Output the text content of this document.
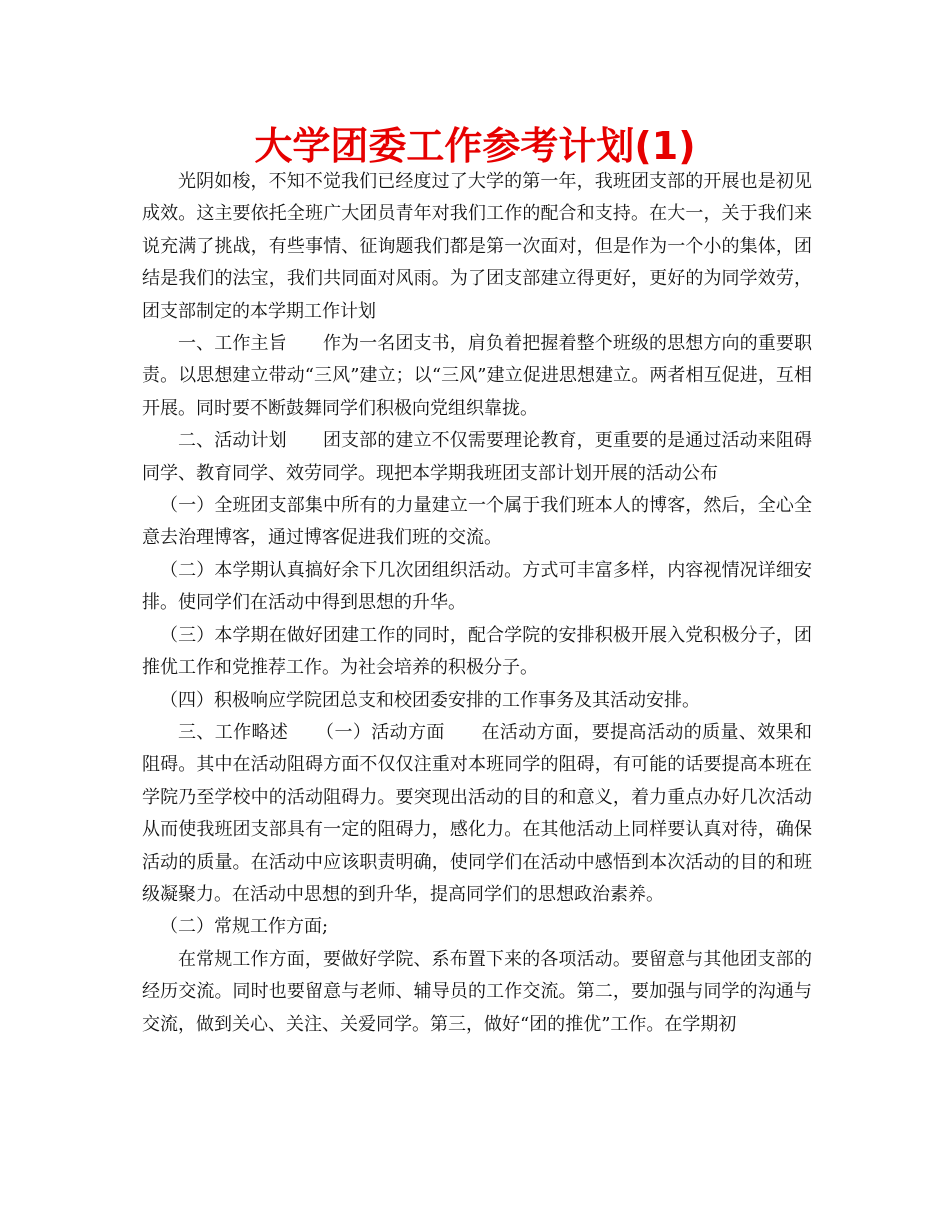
大学团委工作参考计划(1)

光阴如梭，不知不觉我们已经度过了大学的第一年，我班团支部的开展也是初见成效。这主要依托全班广大团员青年对我们工作的配合和支持。在大一，关于我们来说充满了挑战，有些事情、征询题我们都是第一次面对，但是作为一个小的集体，团结是我们的法宝，我们共同面对风雨。为了团支部建立得更好，更好的为同学效劳，团支部制定的本学期工作计划

一、工作主旨　　作为一名团支书，肩负着把握着整个班级的思想方向的重要职责。以思想建立带动“三风”建立；以“三风”建立促进思想建立。两者相互促进，互相开展。同时要不断鼓舞同学们积极向党组织靠拢。

二、活动计划　　团支部的建立不仅需要理论教育，更重要的是通过活动来阻碍同学、教育同学、效劳同学。现把本学期我班团支部计划开展的活动公布

（一）全班团支部集中所有的力量建立一个属于我们班本人的博客，然后，全心全意去治理博客，通过博客促进我们班的交流。

（二）本学期认真搞好余下几次团组织活动。方式可丰富多样，内容视情况详细安排。使同学们在活动中得到思想的升华。

（三）本学期在做好团建工作的同时，配合学院的安排积极开展入党积极分子，团推优工作和党推荐工作。为社会培养的积极分子。

（四）积极响应学院团总支和校团委安排的工作事务及其活动安排。

三、工作略述　　（一）活动方面　　在活动方面，要提高活动的质量、效果和阻碍。其中在活动阻碍方面不仅仅注重对本班同学的阻碍，有可能的话要提高本班在学院乃至学校中的活动阻碍力。要突现出活动的目的和意义，着力重点办好几次活动从而使我班团支部具有一定的阻碍力，感化力。在其他活动上同样要认真对待，确保活动的质量。在活动中应该职责明确，使同学们在活动中感悟到本次活动的目的和班级凝聚力。在活动中思想的到升华，提高同学们的思想政治素养。

（二）常规工作方面;

在常规工作方面，要做好学院、系布置下来的各项活动。要留意与其他团支部的经历交流。同时也要留意与老师、辅导员的工作交流。第二，要加强与同学的沟通与交流，做到关心、关注、关爱同学。第三，做好“团的推优”工作。在学期初
